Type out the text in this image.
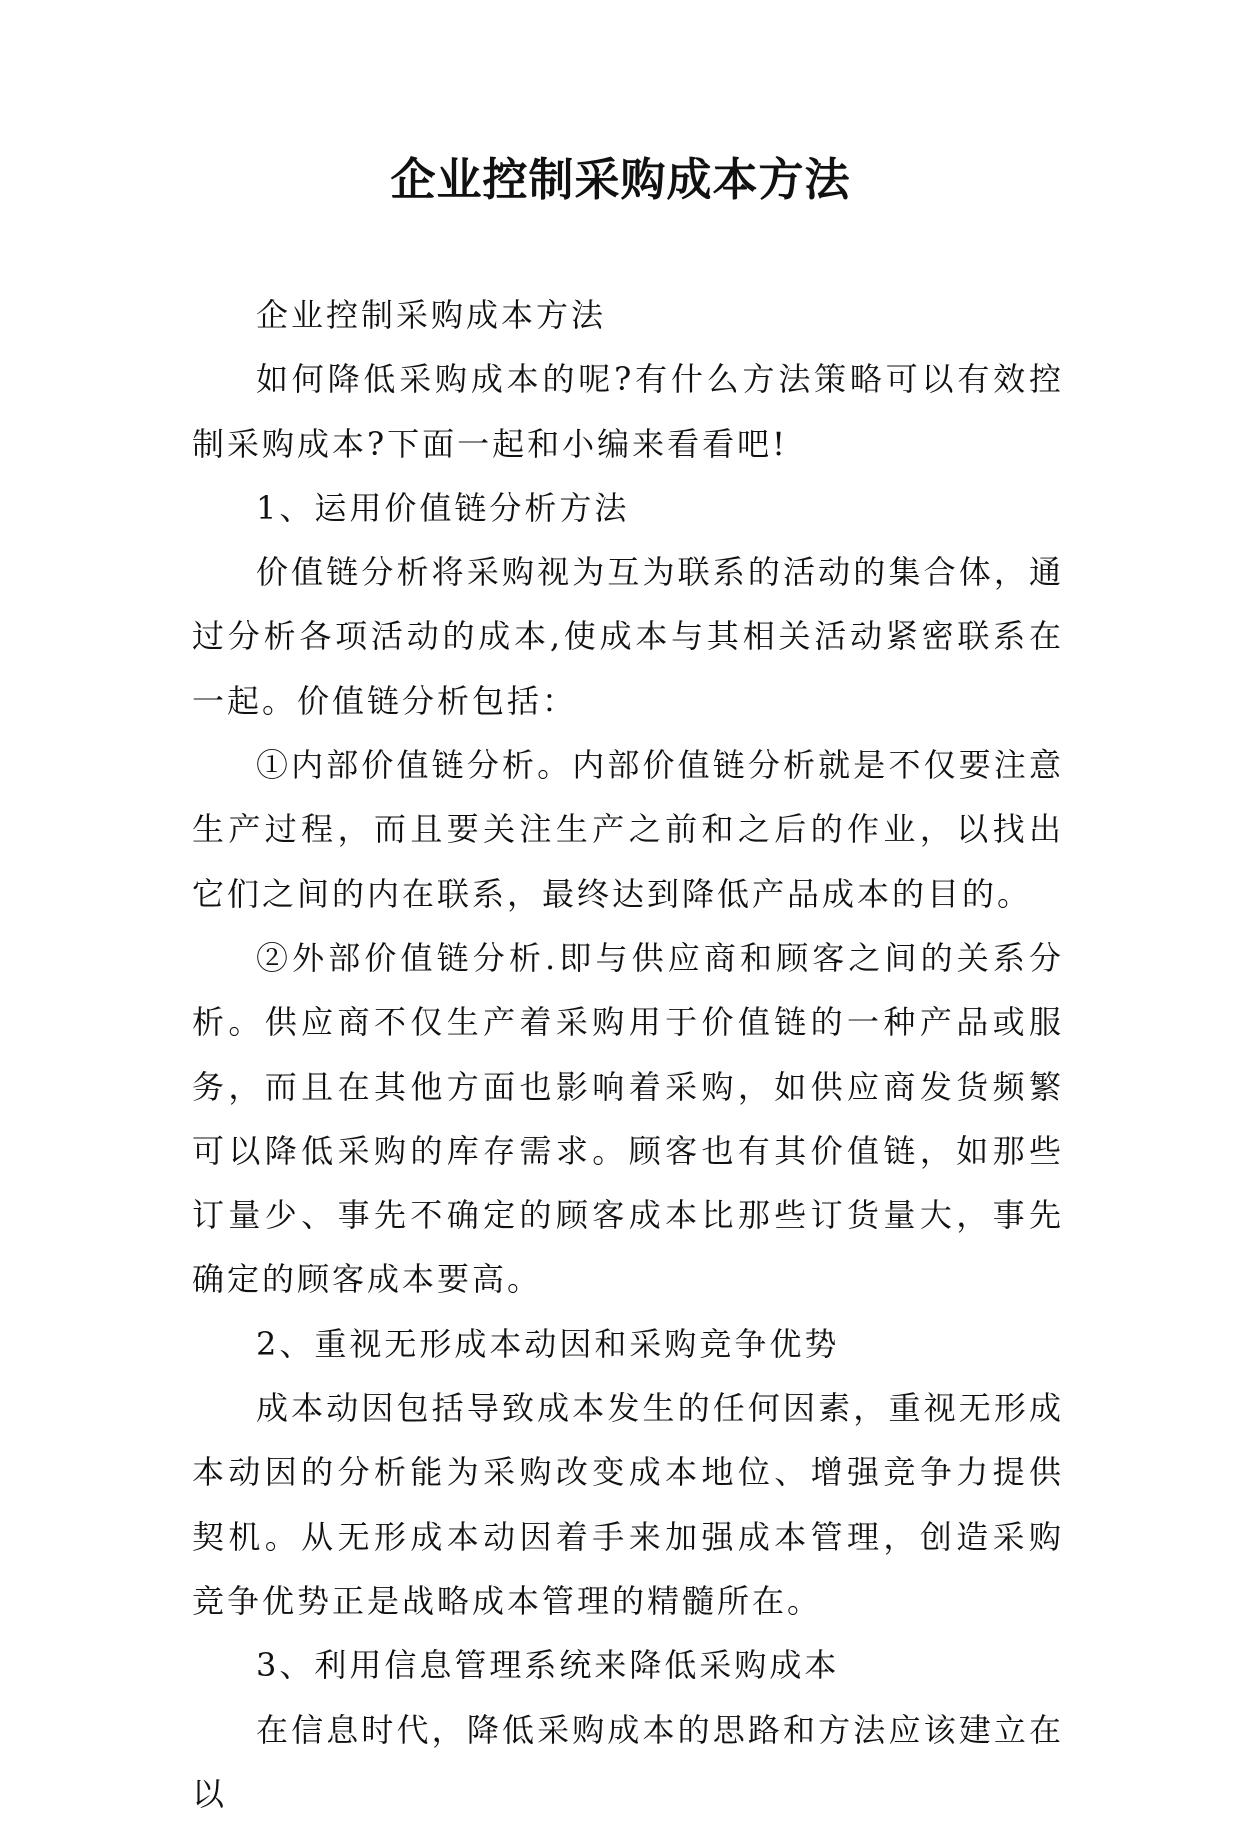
企业控制采购成本方法

企业控制采购成本方法

如何降低采购成本的呢?有什么方法策略可以有效控制采购成本?下面一起和小编来看看吧!

1、运用价值链分析方法

价值链分析将采购视为互为联系的活动的集合体，通过分析各项活动的成本,使成本与其相关活动紧密联系在一起。价值链分析包括：

①内部价值链分析。内部价值链分析就是不仅要注意生产过程，而且要关注生产之前和之后的作业，以找出它们之间的内在联系，最终达到降低产品成本的目的。

②外部价值链分析.即与供应商和顾客之间的关系分析。供应商不仅生产着采购用于价值链的一种产品或服务，而且在其他方面也影响着采购，如供应商发货频繁可以降低采购的库存需求。顾客也有其价值链，如那些订量少、事先不确定的顾客成本比那些订货量大，事先确定的顾客成本要高。

2、重视无形成本动因和采购竞争优势

成本动因包括导致成本发生的任何因素，重视无形成本动因的分析能为采购改变成本地位、增强竞争力提供契机。从无形成本动因着手来加强成本管理，创造采购竞争优势正是战略成本管理的精髓所在。

3、利用信息管理系统来降低采购成本

在信息时代，降低采购成本的思路和方法应该建立在以
